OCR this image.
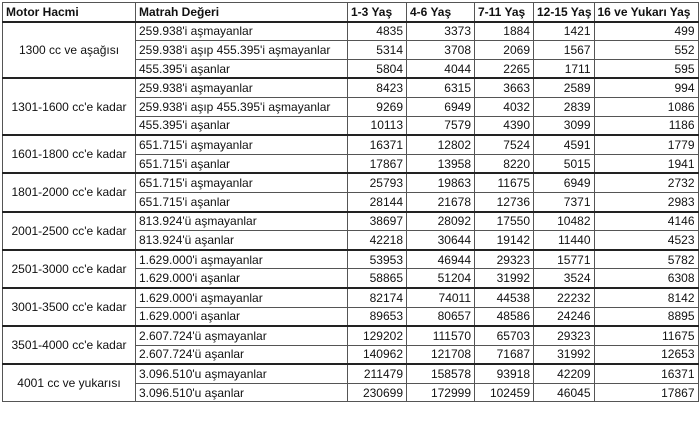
Motor Hacmi	Matrah Değeri	1-3 Yaş	4-6 Yaş	7-11 Yaş	12-15 Yaş	16 ve Yukarı Yaş
1300 cc ve aşağısı	259.938'i aşmayanlar	4835	3373	1884	1421	499
	259.938'i aşıp 455.395'i aşmayanlar	5314	3708	2069	1567	552
	455.395'i aşanlar	5804	4044	2265	1711	595
1301-1600 cc'e kadar	259.938'i aşmayanlar	8423	6315	3663	2589	994
	259.938'i aşıp 455.395'i aşmayanlar	9269	6949	4032	2839	1086
	455.395'i aşanlar	10113	7579	4390	3099	1186
1601-1800 cc'e kadar	651.715'i aşmayanlar	16371	12802	7524	4591	1779
	651.715'i aşanlar	17867	13958	8220	5015	1941
1801-2000 cc'e kadar	651.715'i aşmayanlar	25793	19863	11675	6949	2732
	651.715'i aşanlar	28144	21678	12736	7371	2983
2001-2500 cc'e kadar	813.924'ü aşmayanlar	38697	28092	17550	10482	4146
	813.924'ü aşanlar	42218	30644	19142	11440	4523
2501-3000 cc'e kadar	1.629.000'i aşmayanlar	53953	46944	29323	15771	5782
	1.629.000'i aşanlar	58865	51204	31992	3524	6308
3001-3500 cc'e kadar	1.629.000'i aşmayanlar	82174	74011	44538	22232	8142
	1.629.000'i aşanlar	89653	80657	48586	24246	8895
3501-4000 cc'e kadar	2.607.724'ü aşmayanlar	129202	111570	65703	29323	11675
	2.607.724'ü aşanlar	140962	121708	71687	31992	12653
4001 cc ve yukarısı	3.096.510'u aşmayanlar	211479	158578	93918	42209	16371
	3.096.510'u aşanlar	230699	172999	102459	46045	17867
